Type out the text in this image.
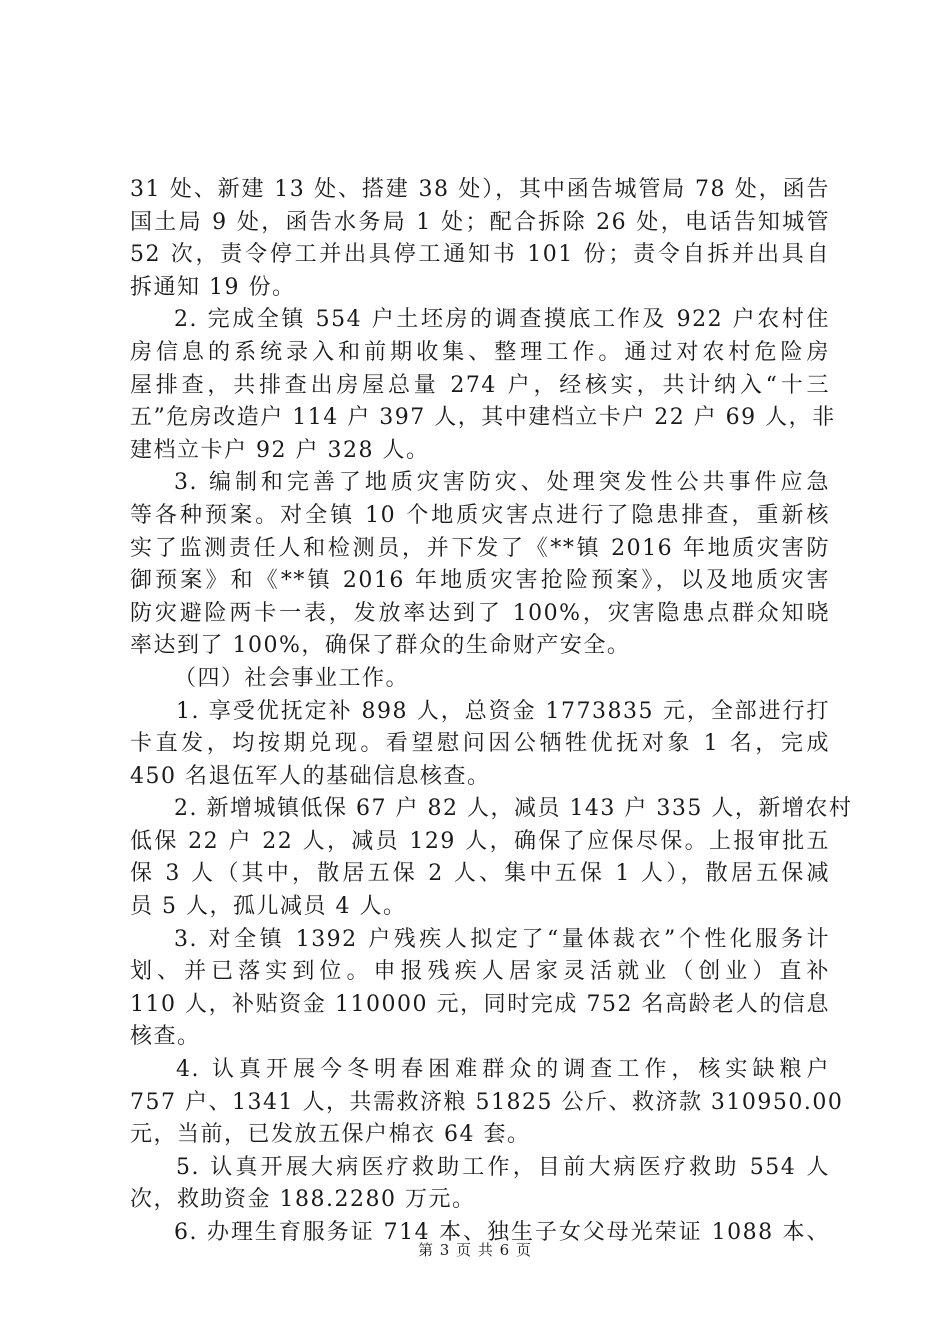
31 处、新建 13 处、搭建 38 处），其中函告城管局 78 处，函告
国土局 9 处，函告水务局 1 处；配合拆除 26 处，电话告知城管
52 次，责令停工并出具停工通知书 101 份；责令自拆并出具自
拆通知 19 份。
2. 完成全镇 554 户土坯房的调查摸底工作及 922 户农村住
房信息的系统录入和前期收集、整理工作。通过对农村危险房
屋排查，共排查出房屋总量 274 户，经核实，共计纳入“十三
五”危房改造户 114 户 397 人，其中建档立卡户 22 户 69 人，非
建档立卡户 92 户 328 人。
3. 编制和完善了地质灾害防灾、处理突发性公共事件应急
等各种预案。对全镇 10 个地质灾害点进行了隐患排查，重新核
实了监测责任人和检测员，并下发了《**镇 2016 年地质灾害防
御预案》和《**镇 2016 年地质灾害抢险预案》，以及地质灾害
防灾避险两卡一表，发放率达到了 100%，灾害隐患点群众知晓
率达到了 100%，确保了群众的生命财产安全。
（四）社会事业工作。
1. 享受优抚定补 898 人，总资金 1773835 元，全部进行打
卡直发，均按期兑现。看望慰问因公牺牲优抚对象 1 名，完成
450 名退伍军人的基础信息核查。
2. 新增城镇低保 67 户 82 人，减员 143 户 335 人，新增农村
低保 22 户 22 人，减员 129 人，确保了应保尽保。上报审批五
保 3 人（其中，散居五保 2 人、集中五保 1 人），散居五保减
员 5 人，孤儿减员 4 人。
3. 对全镇 1392 户残疾人拟定了“量体裁衣”个性化服务计
划、并已落实到位。申报残疾人居家灵活就业（创业）直补
110 人，补贴资金 110000 元，同时完成 752 名高龄老人的信息
核查。
4. 认真开展今冬明春困难群众的调查工作，核实缺粮户
757 户、1341 人，共需救济粮 51825 公斤、救济款 310950.00
元，当前，已发放五保户棉衣 64 套。
5. 认真开展大病医疗救助工作，目前大病医疗救助 554 人
次，救助资金 188.2280 万元。
6. 办理生育服务证 714 本、独生子女父母光荣证 1088 本、
第 3 页 共 6 页
